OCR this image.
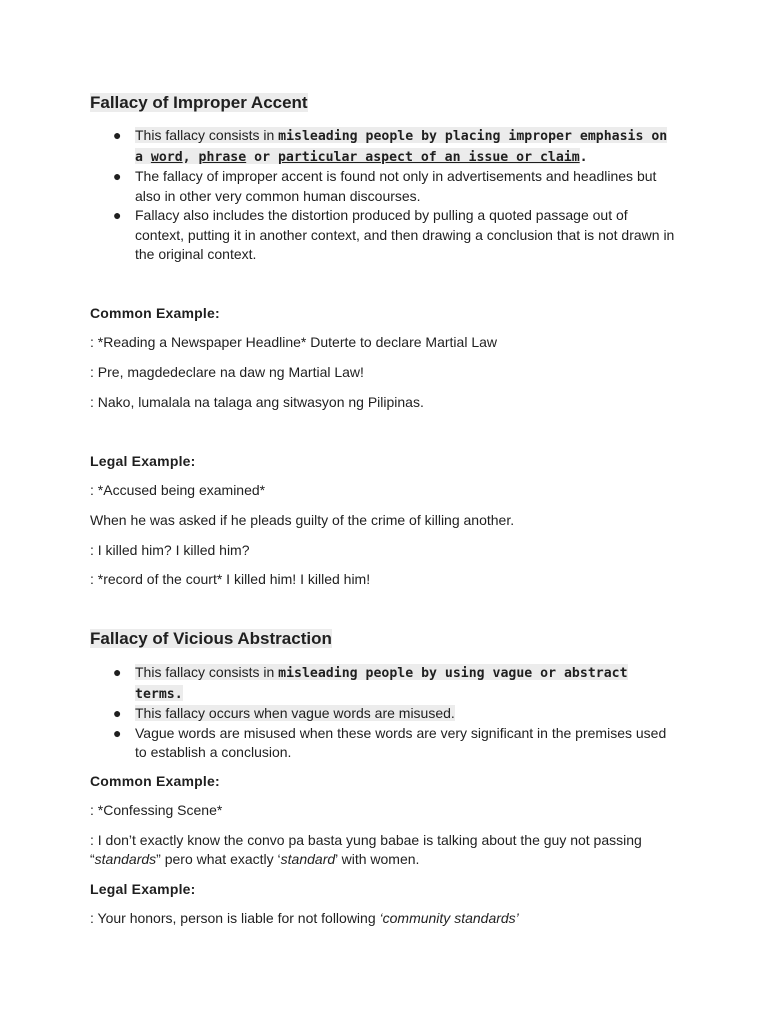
Fallacy of Improper Accent
● This fallacy consists in misleading people by placing improper emphasis on
a word, phrase or particular aspect of an issue or claim.
● The fallacy of improper accent is found not only in advertisements and headlines but also in other very common human discourses.
● Fallacy also includes the distortion produced by pulling a quoted passage out of context, putting it in another context, and then drawing a conclusion that is not drawn in the original context.

Common Example:

: *Reading a Newspaper Headline* Duterte to declare Martial Law

: Pre, magdedeclare na daw ng Martial Law!

: Nako, lumalala na talaga ang sitwasyon ng Pilipinas.

Legal Example:

: *Accused being examined*

When he was asked if he pleads guilty of the crime of killing another.

: I killed him? I killed him?

: *record of the court* I killed him! I killed him!

Fallacy of Vicious Abstraction
● This fallacy consists in misleading people by using vague or abstract terms.
● This fallacy occurs when vague words are misused.
● Vague words are misused when these words are very significant in the premises used to establish a conclusion.

Common Example:

: *Confessing Scene*

: I don’t exactly know the convo pa basta yung babae is talking about the guy not passing “standards” pero what exactly ‘standard’ with women.

Legal Example:

: Your honors, person is liable for not following ‘community standards’
